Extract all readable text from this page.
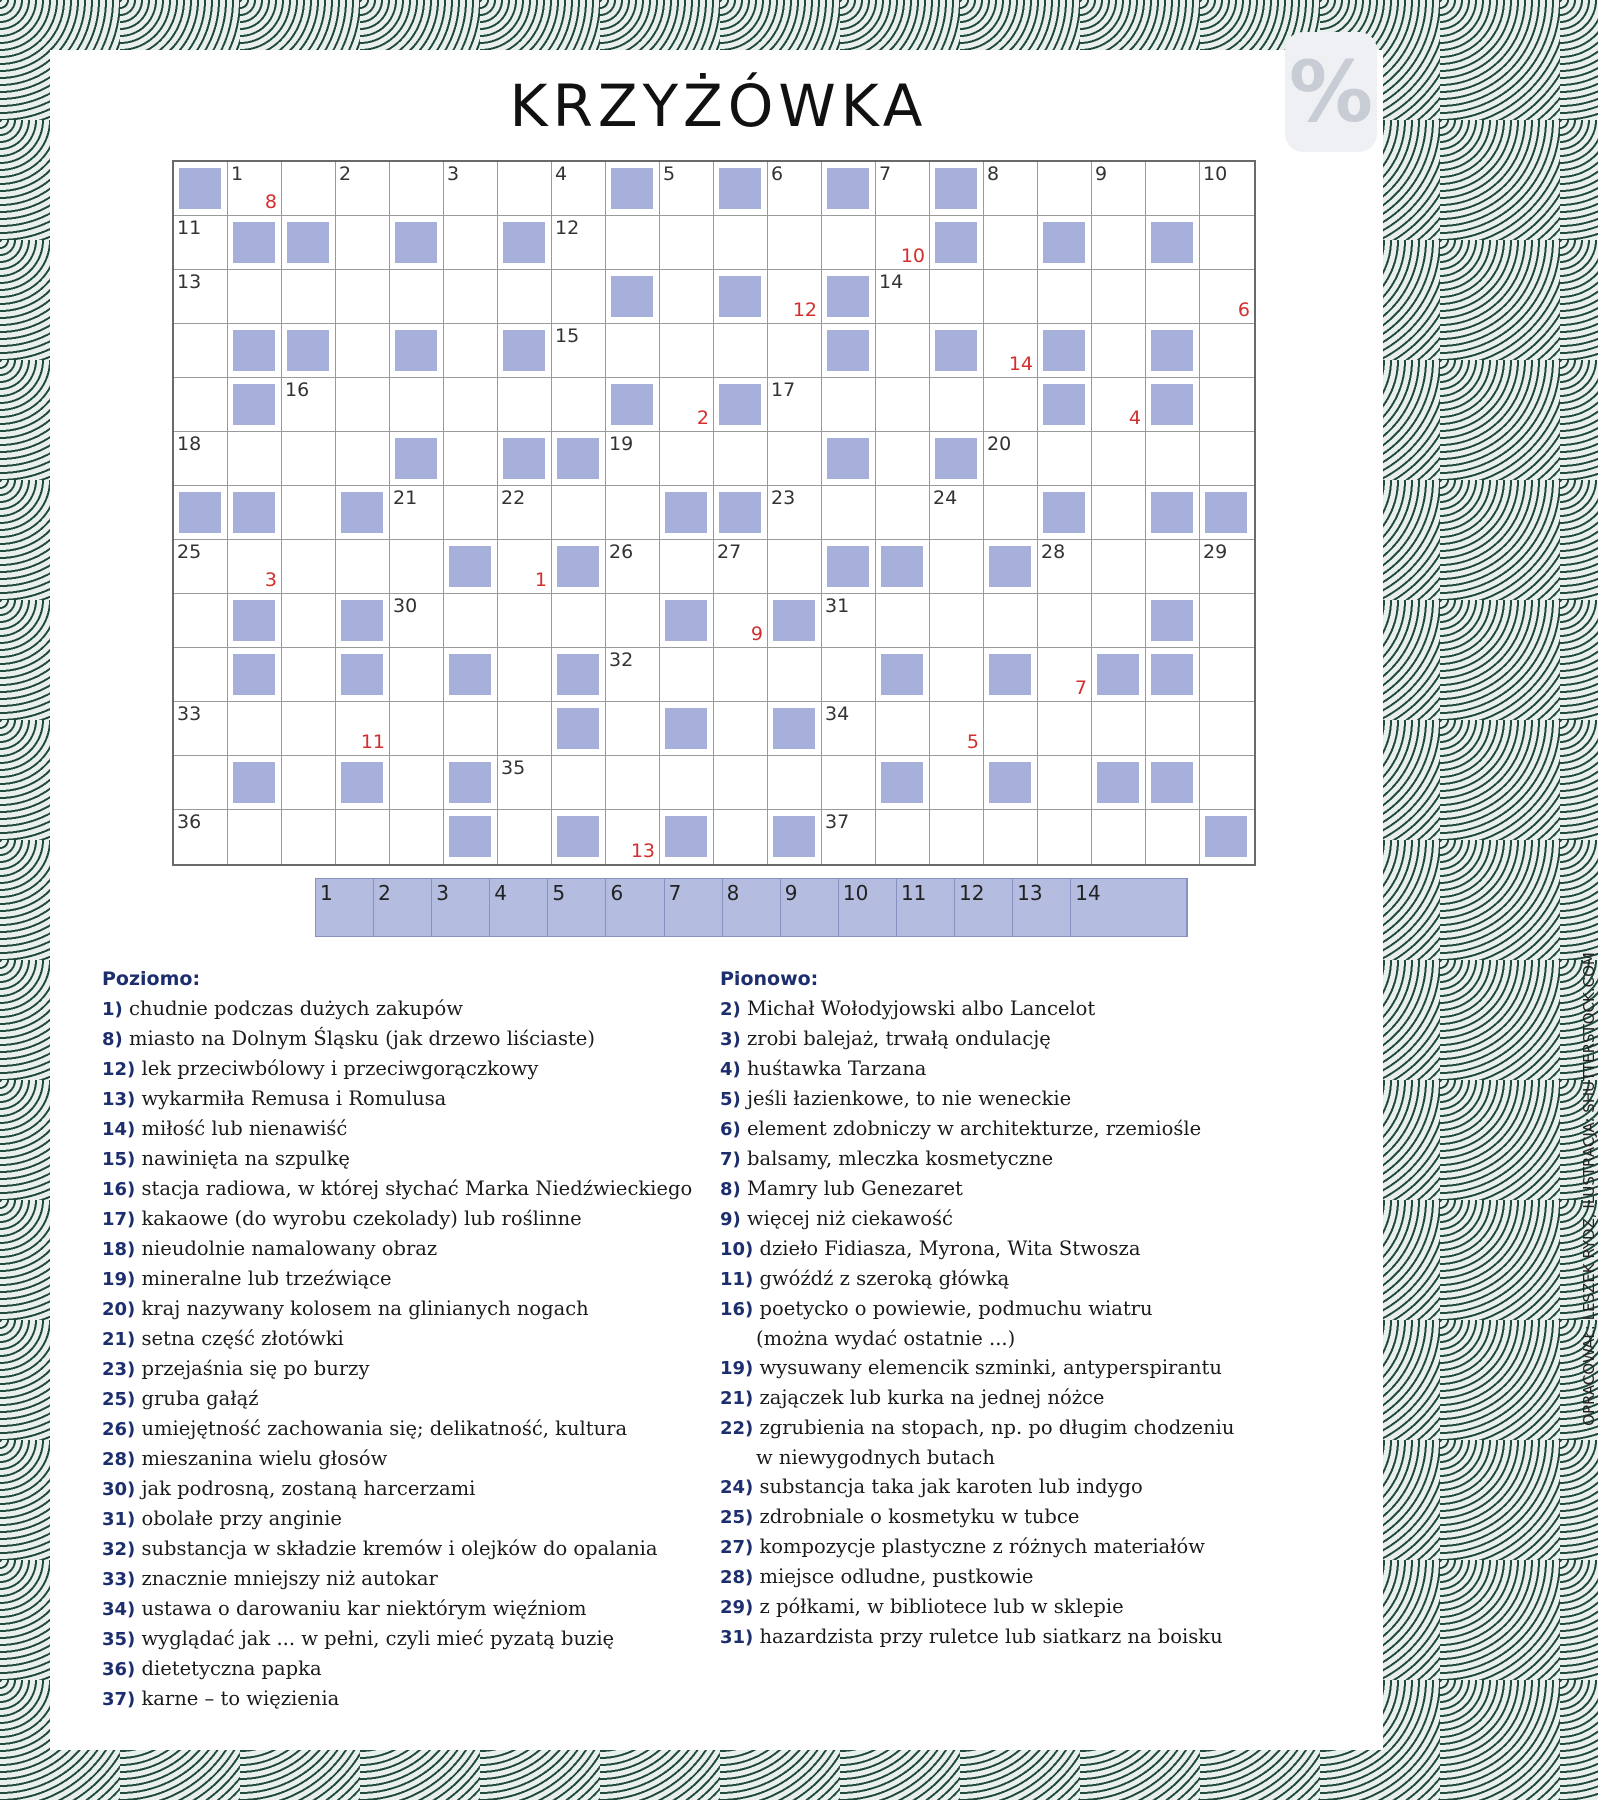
%
KRZYŻÓWKA
1
8
2	3	4	5	6	7	8	9	10
11	12
10
13
12
14
6
15
14
16
2
17
4
18	19	20
21	22	23	24
25
3	1
26	27	28	29
30
9
31
32
7
33
11
34
5
35
36
13
37
1	2	3	4	5	6	7	8	9	10	11	12	13	14
Poziomo:
1) chudnie podczas dużych zakupów
8) miasto na Dolnym Śląsku (jak drzewo liściaste)
12) lek przeciwbólowy i przeciwgorączkowy
13) wykarmiła Remusa i Romulusa
14) miłość lub nienawiść
15) nawinięta na szpulkę
16) stacja radiowa, w której słychać Marka Niedźwieckiego
17) kakaowe (do wyrobu czekolady) lub roślinne
18) nieudolnie namalowany obraz
19) mineralne lub trzeźwiące
20) kraj nazywany kolosem na glinianych nogach
21) setna część złotówki
23) przejaśnia się po burzy
25) gruba gałąź
26) umiejętność zachowania się; delikatność, kultura
28) mieszanina wielu głosów
30) jak podrosną, zostaną harcerzami
31) obolałe przy anginie
32) substancja w składzie kremów i olejków do opalania
33) znacznie mniejszy niż autokar
34) ustawa o darowaniu kar niektórym więźniom
35) wyglądać jak ... w pełni, czyli mieć pyzatą buzię
36) dietetyczna papka
37) karne – to więzienia
Pionowo:
2) Michał Wołodyjowski albo Lancelot
3) zrobi balejaż, trwałą ondulację
4) huśtawka Tarzana
5) jeśli łazienkowe, to nie weneckie
6) element zdobniczy w architekturze, rzemiośle
7) balsamy, mleczka kosmetyczne
8) Mamry lub Genezaret
9) więcej niż ciekawość
10) dzieło Fidiasza, Myrona, Wita Stwosza
11) gwóźdź z szeroką główką
16) poetycko o powiewie, podmuchu wiatru
(można wydać ostatnie ...)
19) wysuwany elemencik szminki, antyperspirantu
21) zajączek lub kurka na jednej nóżce
22) zgrubienia na stopach, np. po długim chodzeniu
w niewygodnych butach
24) substancja taka jak karoten lub indygo
25) zdrobniale o kosmetyku w tubce
27) kompozycje plastyczne z różnych materiałów
28) miejsce odludne, pustkowie
29) z półkami, w bibliotece lub w sklepie
31) hazardzista przy ruletce lub siatkarz na boisku
OPRACOWAŁ: LESZEK RYDZ, ILUSTRACJA: SHUTTERSTOCK.COM
